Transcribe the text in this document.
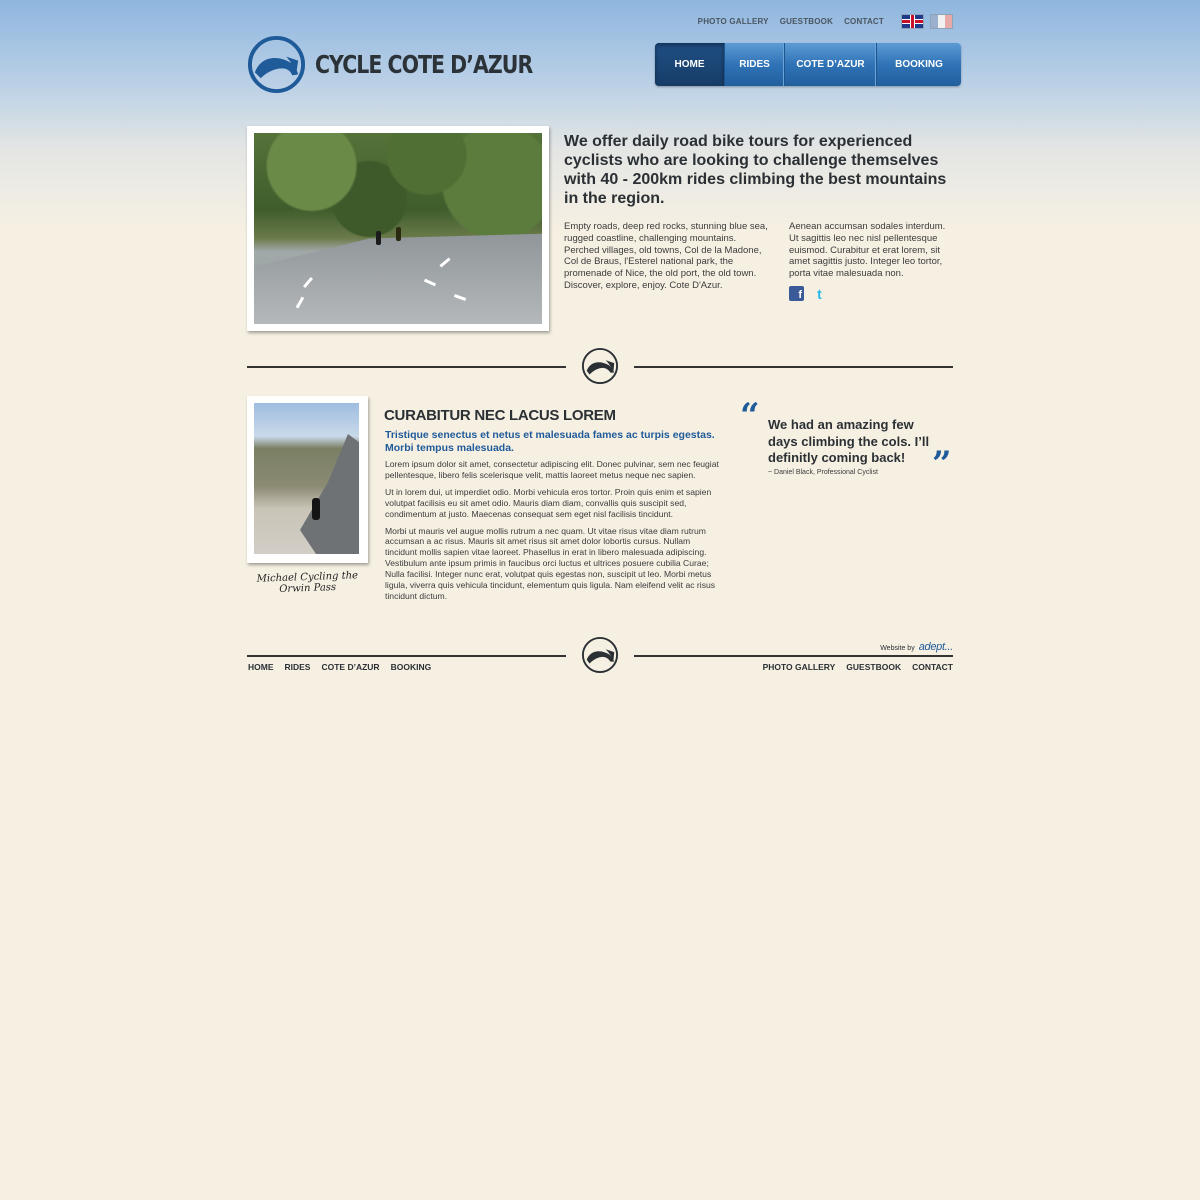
PHOTO GALLERY GUESTBOOK CONTACT
CYCLE COTE D’AZUR	HOME	RIDES	COTE D’AZUR	BOOKING
We offer daily road bike tours for experienced cyclists who are looking to challenge themselves with 40 - 200km rides climbing the best mountains in the region.
Empty roads, deep red rocks, stunning blue sea, rugged coastline, challenging mountains. Perched villages, old towns, Col de la Madone, Col de Braus, l'Esterel national park, the promenade of Nice, the old port, the old town. Discover, explore, enjoy. Cote D'Azur.
Aenean accumsan sodales interdum. Ut sagittis leo nec nisl pellentesque euismod. Curabitur et erat lorem, sit amet sagittis justo. Integer leo tortor, porta vitae malesuada non.
f	t
Michael Cycling the
Orwin Pass
CURABITUR NEC LACUS LOREM
Tristique senectus et netus et malesuada fames ac turpis egestas. Morbi tempus malesuada.

Lorem ipsum dolor sit amet, consectetur adipiscing elit. Donec pulvinar, sem nec feugiat pellentesque, libero felis scelerisque velit, mattis laoreet metus neque nec sapien.

Ut in lorem dui, ut imperdiet odio. Morbi vehicula eros tortor. Proin quis enim et sapien volutpat facilisis eu sit amet odio. Mauris diam diam, convallis quis suscipit sed, condimentum at justo. Maecenas consequat sem eget nisl facilisis tincidunt.

Morbi ut mauris vel augue mollis rutrum a nec quam. Ut vitae risus vitae diam rutrum accumsan a ac risus. Mauris sit amet risus sit amet dolor lobortis cursus. Nullam tincidunt mollis sapien vitae laoreet. Phasellus in erat in libero malesuada adipiscing. Vestibulum ante ipsum primis in faucibus orci luctus et ultrices posuere cubilia Curae; Nulla facilisi. Integer nunc erat, volutpat quis egestas non, suscipit ut leo. Morbi metus ligula, viverra quis vehicula tincidunt, elementum quis ligula. Nam eleifend velit ac risus tincidunt dictum.

“ We had an amazing few days climbing the cols. I’ll definitly coming back! ”
~ Daniel Black, Professional Cyclist
Website by adept...
HOME RIDES COTE D’AZUR BOOKING	PHOTO GALLERY GUESTBOOK CONTACT
